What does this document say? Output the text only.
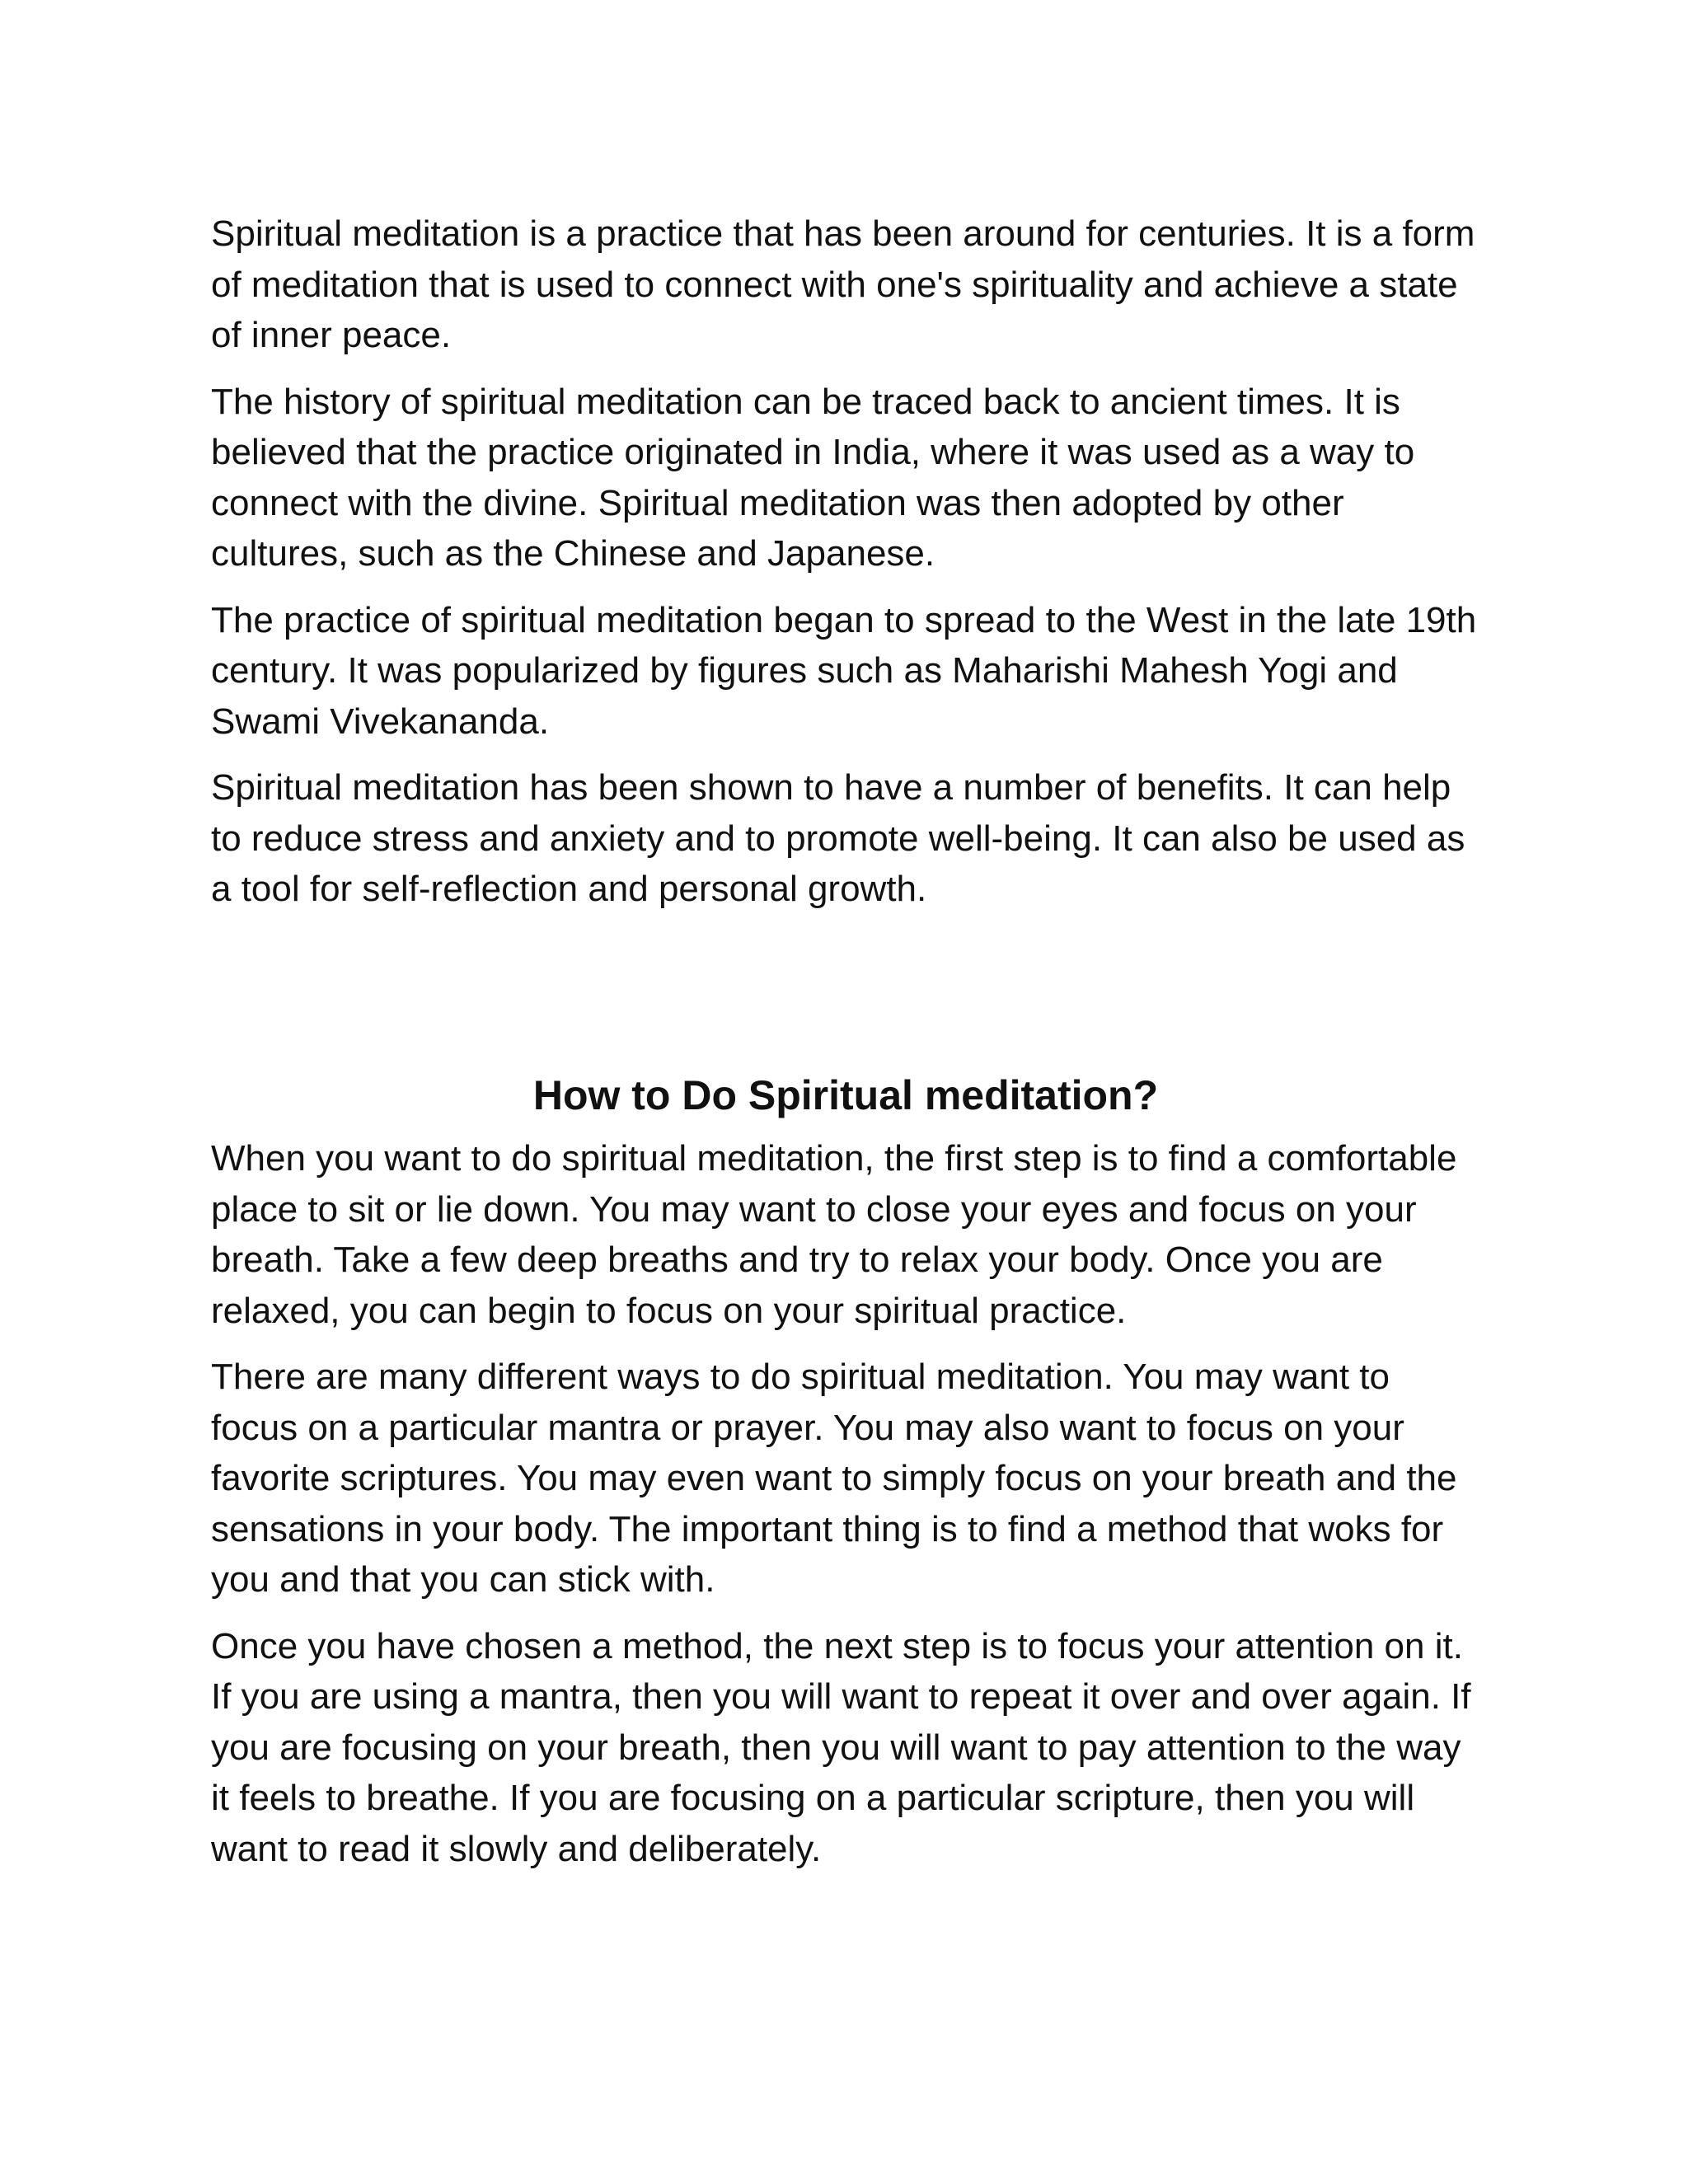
Spiritual meditation is a practice that has been around for centuries. It is a form of meditation that is used to connect with one's spirituality and achieve a state of inner peace.

The history of spiritual meditation can be traced back to ancient times. It is believed that the practice originated in India, where it was used as a way to connect with the divine. Spiritual meditation was then adopted by other cultures, such as the Chinese and Japanese.

The practice of spiritual meditation began to spread to the West in the late 19th century. It was popularized by figures such as Maharishi Mahesh Yogi and Swami Vivekananda.

Spiritual meditation has been shown to have a number of benefits. It can help to reduce stress and anxiety and to promote well-being. It can also be used as a tool for self-reflection and personal growth.

How to Do Spiritual meditation?

When you want to do spiritual meditation, the first step is to find a comfortable place to sit or lie down. You may want to close your eyes and focus on your breath. Take a few deep breaths and try to relax your body. Once you are relaxed, you can begin to focus on your spiritual practice.

There are many different ways to do spiritual meditation. You may want to focus on a particular mantra or prayer. You may also want to focus on your favorite scriptures. You may even want to simply focus on your breath and the sensations in your body. The important thing is to find a method that woks for you and that you can stick with.

Once you have chosen a method, the next step is to focus your attention on it. If you are using a mantra, then you will want to repeat it over and over again. If you are focusing on your breath, then you will want to pay attention to the way it feels to breathe. If you are focusing on a particular scripture, then you will want to read it slowly and deliberately.
